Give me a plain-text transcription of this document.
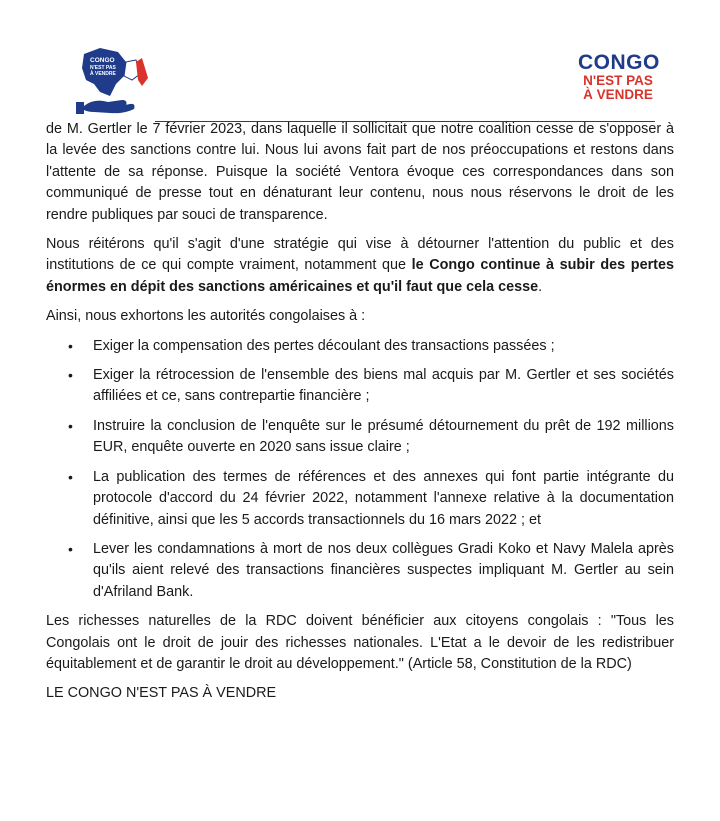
CONGO
N'EST PAS
À VENDRE	CONGO
N'EST PAS
À VENDRE

de M. Gertler le 7 février 2023, dans laquelle il sollicitait que notre coalition cesse de s'opposer à la levée des sanctions contre lui. Nous lui avons fait part de nos préoccupations et restons dans l'attente de sa réponse. Puisque la société Ventora évoque ces correspondances dans son communiqué de presse tout en dénaturant leur contenu, nous nous réservons le droit de les rendre publiques par souci de transparence.

Nous réitérons qu'il s'agit d'une stratégie qui vise à détourner l'attention du public et des institutions de ce qui compte vraiment, notamment que le Congo continue à subir des pertes énormes en dépit des sanctions américaines et qu'il faut que cela cesse.

Ainsi, nous exhortons les autorités congolaises à :

• Exiger la compensation des pertes découlant des transactions passées ;
• Exiger la rétrocession de l'ensemble des biens mal acquis par M. Gertler et ses sociétés affiliées et ce, sans contrepartie financière ;
• Instruire la conclusion de l'enquête sur le présumé détournement du prêt de 192 millions EUR, enquête ouverte en 2020 sans issue claire ;
• La publication des termes de références et des annexes qui font partie intégrante du protocole d'accord du 24 février 2022, notamment l'annexe relative à la documentation définitive, ainsi que les 5 accords transactionnels du 16 mars 2022 ; et
• Lever les condamnations à mort de nos deux collègues Gradi Koko et Navy Malela après qu'ils aient relevé des transactions financières suspectes impliquant M. Gertler au sein d'Afriland Bank.

Les richesses naturelles de la RDC doivent bénéficier aux citoyens congolais : "Tous les Congolais ont le droit de jouir des richesses nationales. L'Etat a le devoir de les redistribuer équitablement et de garantir le droit au développement." (Article 58, Constitution de la RDC)

LE CONGO N'EST PAS À VENDRE
